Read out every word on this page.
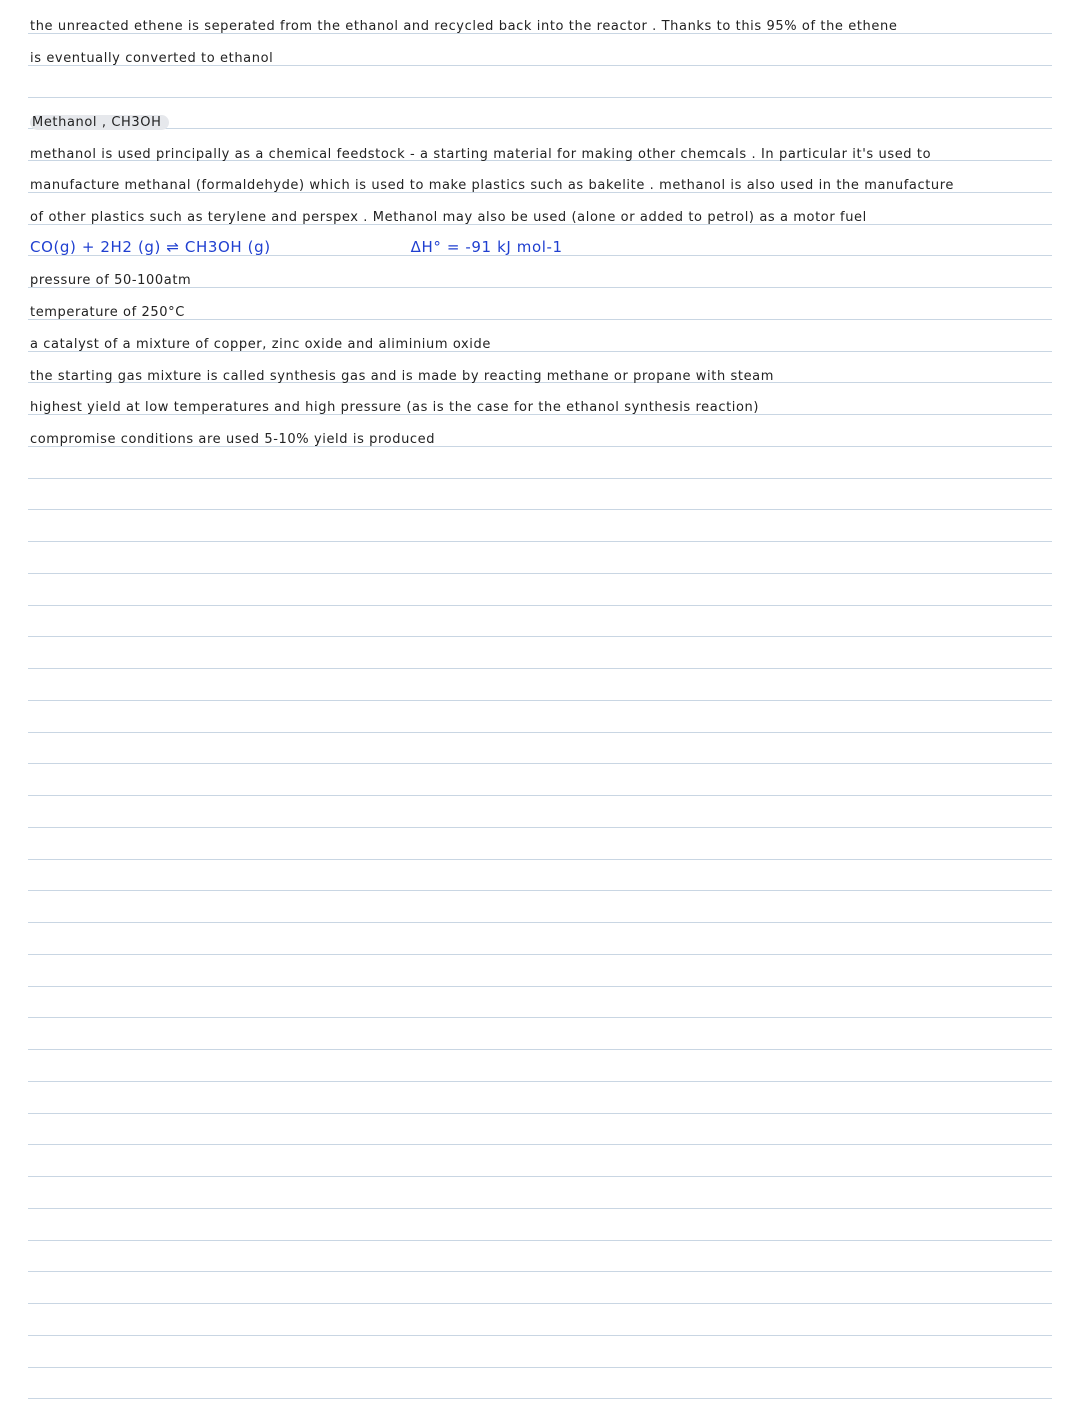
the unreacted ethene is seperated from the ethanol and recycled back into the reactor . Thanks to this 95% of the ethene
is eventually converted to ethanol
Methanol , CH3OH
methanol is used principally as a chemical feedstock - a starting material for making other chemcals . In particular it's used to
manufacture methanal (formaldehyde) which is used to make plastics such as bakelite . methanol is also used in the manufacture
of other plastics such as terylene and perspex . Methanol may also be used (alone or added to petrol) as a motor fuel
CO(g) + 2H2 (g) ⇌ CH3OH (g)	ΔH° = -91 kJ mol-1
pressure of 50-100atm
temperature of 250°C
a catalyst of a mixture of copper, zinc oxide and aliminium oxide
the starting gas mixture is called synthesis gas and is made by reacting methane or propane with steam
highest yield at low temperatures and high pressure (as is the case for the ethanol synthesis reaction)
compromise conditions are used 5-10% yield is produced
